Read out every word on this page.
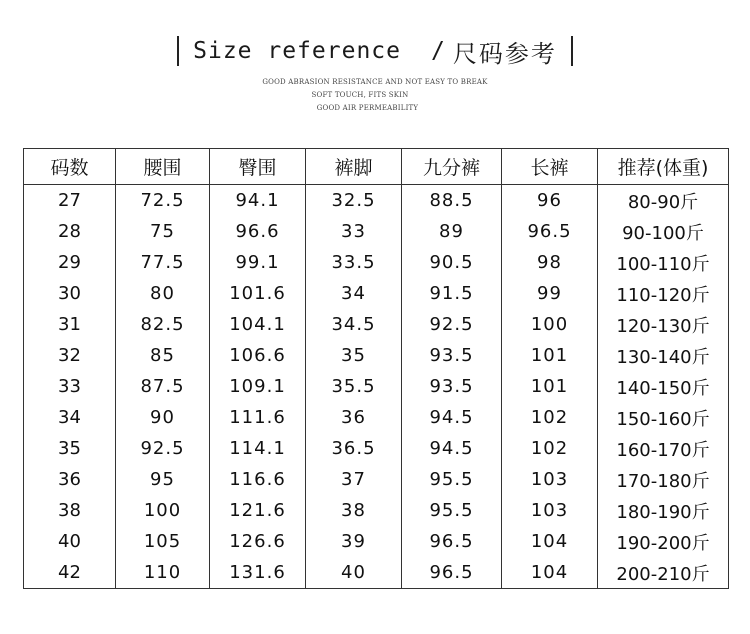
Size reference / 尺码参考
GOOD ABRASION RESISTANCE AND NOT EASY TO BREAK
SOFT TOUCH, FITS SKIN
GOOD AIR PERMEABILITY
码数	腰围	臀围	裤脚	九分裤	长裤	推荐(体重)
27	72.5	94.1	32.5	88.5	96	80-90斤
28	75	96.6	33	89	96.5	90-100斤
29	77.5	99.1	33.5	90.5	98	100-110斤
30	80	101.6	34	91.5	99	110-120斤
31	82.5	104.1	34.5	92.5	100	120-130斤
32	85	106.6	35	93.5	101	130-140斤
33	87.5	109.1	35.5	93.5	101	140-150斤
34	90	111.6	36	94.5	102	150-160斤
35	92.5	114.1	36.5	94.5	102	160-170斤
36	95	116.6	37	95.5	103	170-180斤
38	100	121.6	38	95.5	103	180-190斤
40	105	126.6	39	96.5	104	190-200斤
42	110	131.6	40	96.5	104	200-210斤
